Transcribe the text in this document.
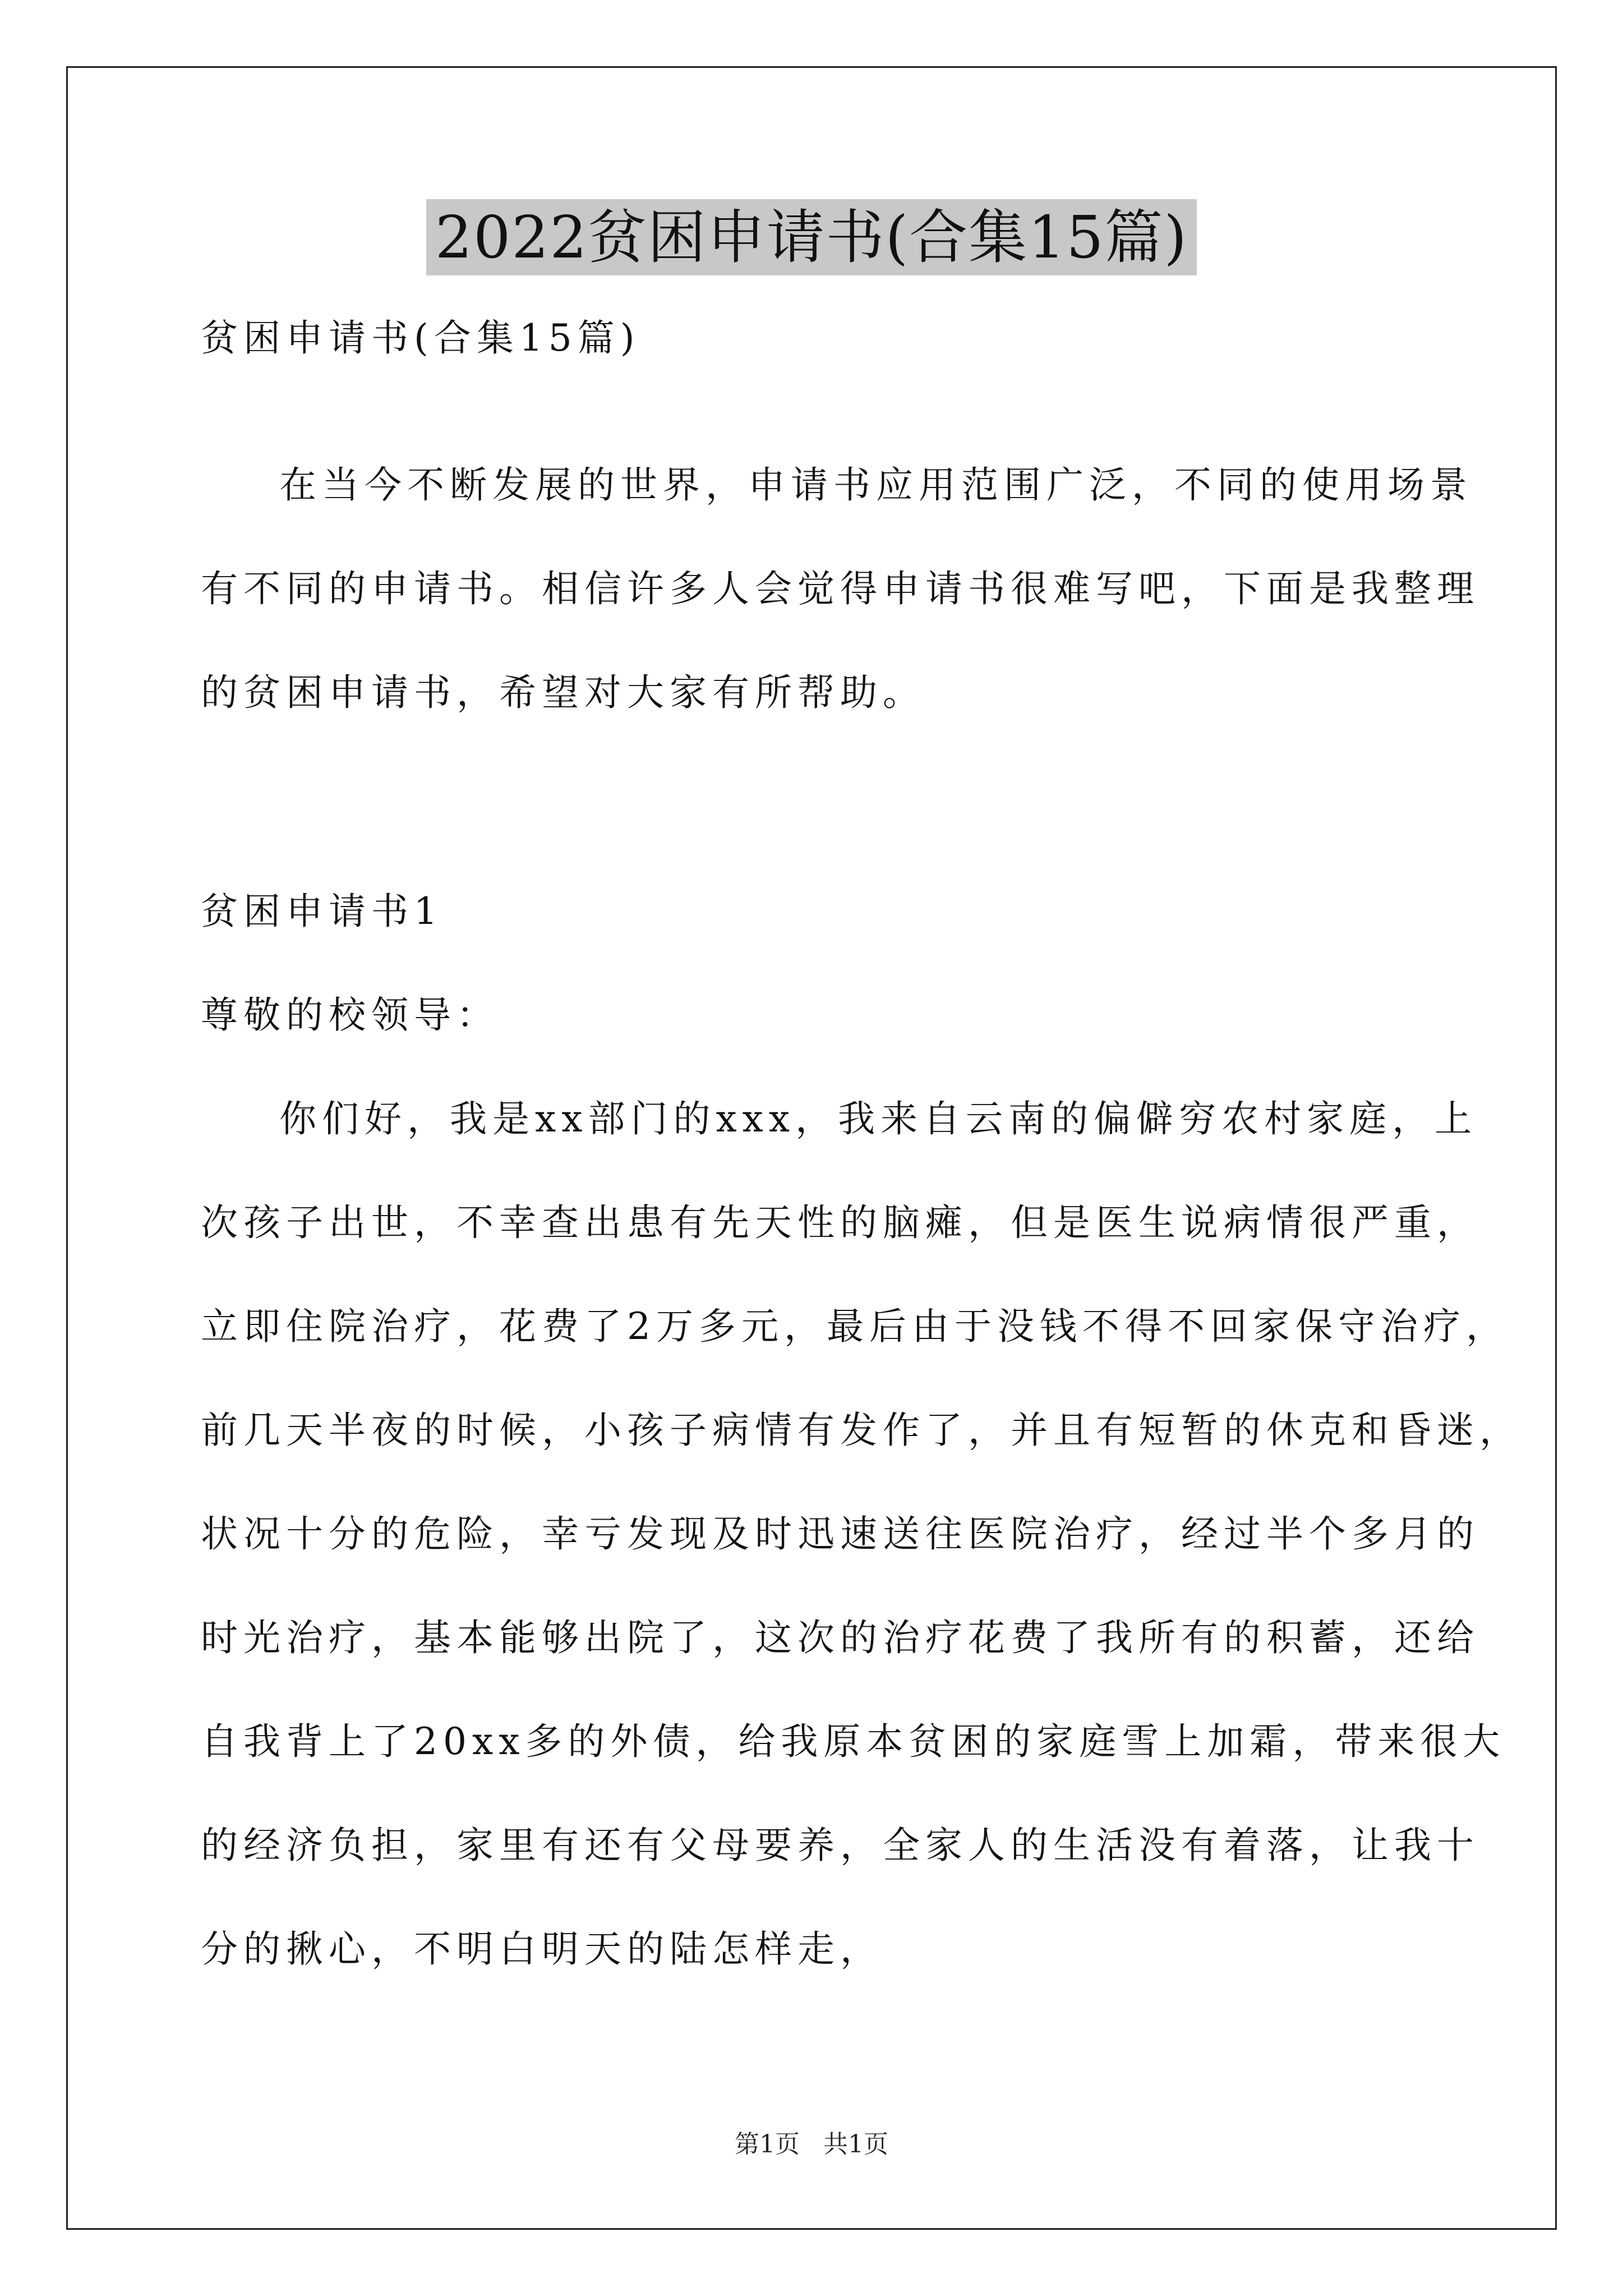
2022贫困申请书(合集15篇)
贫困申请书(合集15篇)
在当今不断发展的世界，申请书应用范围广泛，不同的使用场景
有不同的申请书。相信许多人会觉得申请书很难写吧，下面是我整理
的贫困申请书，希望对大家有所帮助。
贫困申请书1
尊敬的校领导：
你们好，我是xx部门的xxx，我来自云南的偏僻穷农村家庭，上
次孩子出世，不幸查出患有先天性的脑瘫，但是医生说病情很严重，
立即住院治疗，花费了2万多元，最后由于没钱不得不回家保守治疗，
前几天半夜的时候，小孩子病情有发作了，并且有短暂的休克和昏迷，
状况十分的危险，幸亏发现及时迅速送往医院治疗，经过半个多月的
时光治疗，基本能够出院了，这次的治疗花费了我所有的积蓄，还给
自我背上了20xx多的外债，给我原本贫困的家庭雪上加霜，带来很大
的经济负担，家里有还有父母要养，全家人的生活没有着落，让我十
分的揪心，不明白明天的陆怎样走，
第1页 共1页
